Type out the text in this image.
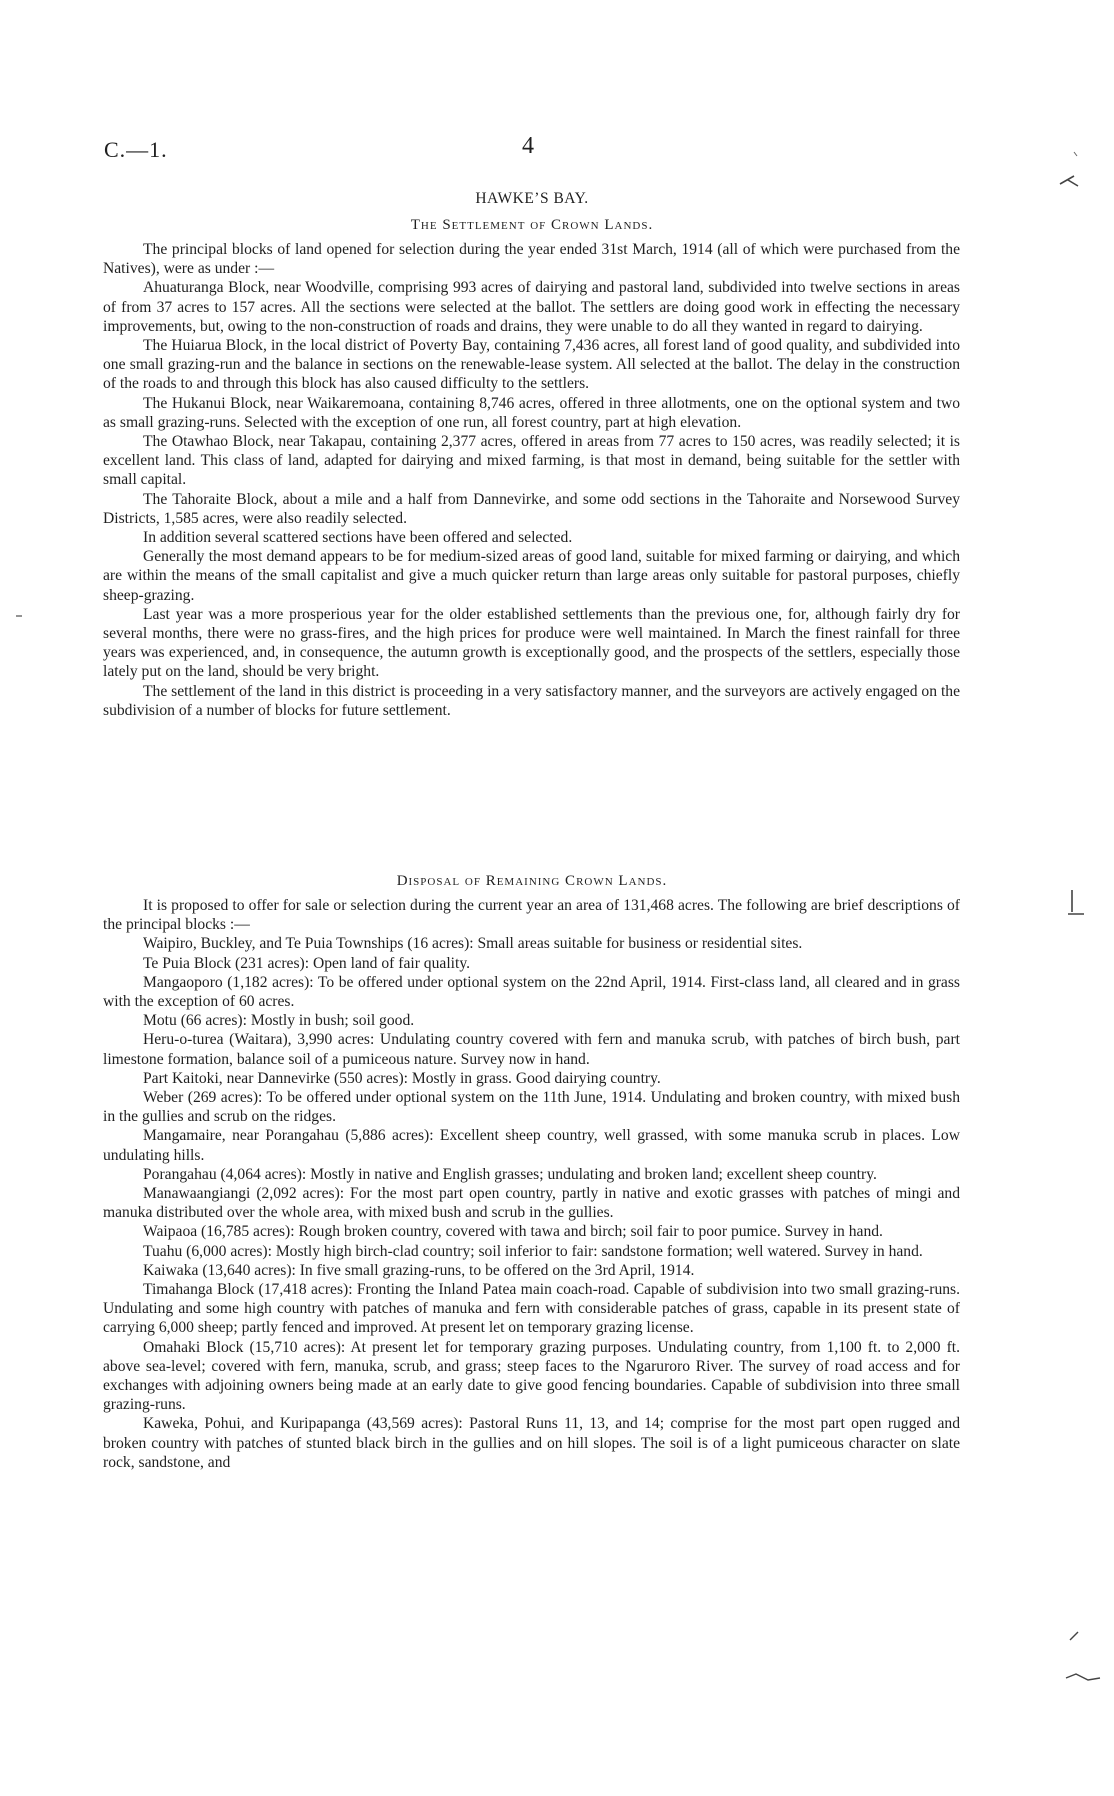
C.—1.	4
HAWKE’S BAY.
The Settlement of Crown Lands.

The principal blocks of land opened for selection during the year ended 31st March, 1914 (all of which were purchased from the Natives), were as under :—

Ahuaturanga Block, near Woodville, comprising 993 acres of dairying and pastoral land, subdivided into twelve sections in areas of from 37 acres to 157 acres. All the sections were selected at the ballot. The settlers are doing good work in effecting the necessary improvements, but, owing to the non-construction of roads and drains, they were unable to do all they wanted in regard to dairying.

The Huiarua Block, in the local district of Poverty Bay, containing 7,436 acres, all forest land of good quality, and subdivided into one small grazing-run and the balance in sections on the renewable-lease system. All selected at the ballot. The delay in the construction of the roads to and through this block has also caused difficulty to the settlers.

The Hukanui Block, near Waikaremoana, containing 8,746 acres, offered in three allotments, one on the optional system and two as small grazing-runs. Selected with the exception of one run, all forest country, part at high elevation.

The Otawhao Block, near Takapau, containing 2,377 acres, offered in areas from 77 acres to 150 acres, was readily selected; it is excellent land. This class of land, adapted for dairying and mixed farming, is that most in demand, being suitable for the settler with small capital.

The Tahoraite Block, about a mile and a half from Dannevirke, and some odd sections in the Tahoraite and Norsewood Survey Districts, 1,585 acres, were also readily selected.

In addition several scattered sections have been offered and selected.

Generally the most demand appears to be for medium-sized areas of good land, suitable for mixed farming or dairying, and which are within the means of the small capitalist and give a much quicker return than large areas only suitable for pastoral purposes, chiefly sheep-grazing.

Last year was a more prosperious year for the older established settlements than the previous one, for, although fairly dry for several months, there were no grass-fires, and the high prices for produce were well maintained. In March the finest rainfall for three years was experienced, and, in consequence, the autumn growth is exceptionally good, and the prospects of the settlers, especially those lately put on the land, should be very bright.

The settlement of the land in this district is proceeding in a very satisfactory manner, and the surveyors are actively engaged on the subdivision of a number of blocks for future settlement.

Disposal of Remaining Crown Lands.

It is proposed to offer for sale or selection during the current year an area of 131,468 acres. The following are brief descriptions of the principal blocks :—

Waipiro, Buckley, and Te Puia Townships (16 acres): Small areas suitable for business or residential sites.

Te Puia Block (231 acres): Open land of fair quality.

Mangaoporo (1,182 acres): To be offered under optional system on the 22nd April, 1914. First-class land, all cleared and in grass with the exception of 60 acres.

Motu (66 acres): Mostly in bush; soil good.

Heru-o-turea (Waitara), 3,990 acres: Undulating country covered with fern and manuka scrub, with patches of birch bush, part limestone formation, balance soil of a pumiceous nature. Survey now in hand.

Part Kaitoki, near Dannevirke (550 acres): Mostly in grass. Good dairying country.

Weber (269 acres): To be offered under optional system on the 11th June, 1914. Undulating and broken country, with mixed bush in the gullies and scrub on the ridges.

Mangamaire, near Porangahau (5,886 acres): Excellent sheep country, well grassed, with some manuka scrub in places. Low undulating hills.

Porangahau (4,064 acres): Mostly in native and English grasses; undulating and broken land; excellent sheep country.

Manawaangiangi (2,092 acres): For the most part open country, partly in native and exotic grasses with patches of mingi and manuka distributed over the whole area, with mixed bush and scrub in the gullies.

Waipaoa (16,785 acres): Rough broken country, covered with tawa and birch; soil fair to poor pumice. Survey in hand.

Tuahu (6,000 acres): Mostly high birch-clad country; soil inferior to fair: sandstone formation; well watered. Survey in hand.

Kaiwaka (13,640 acres): In five small grazing-runs, to be offered on the 3rd April, 1914.

Timahanga Block (17,418 acres): Fronting the Inland Patea main coach-road. Capable of subdivision into two small grazing-runs. Undulating and some high country with patches of manuka and fern with considerable patches of grass, capable in its present state of carrying 6,000 sheep; partly fenced and improved. At present let on temporary grazing license.

Omahaki Block (15,710 acres): At present let for temporary grazing purposes. Undulating country, from 1,100 ft. to 2,000 ft. above sea-level; covered with fern, manuka, scrub, and grass; steep faces to the Ngaruroro River. The survey of road access and for exchanges with adjoining owners being made at an early date to give good fencing boundaries. Capable of subdivision into three small grazing-runs.

Kaweka, Pohui, and Kuripapanga (43,569 acres): Pastoral Runs 11, 13, and 14; comprise for the most part open rugged and broken country with patches of stunted black birch in the gullies and on hill slopes. The soil is of a light pumiceous character on slate rock, sandstone, and
